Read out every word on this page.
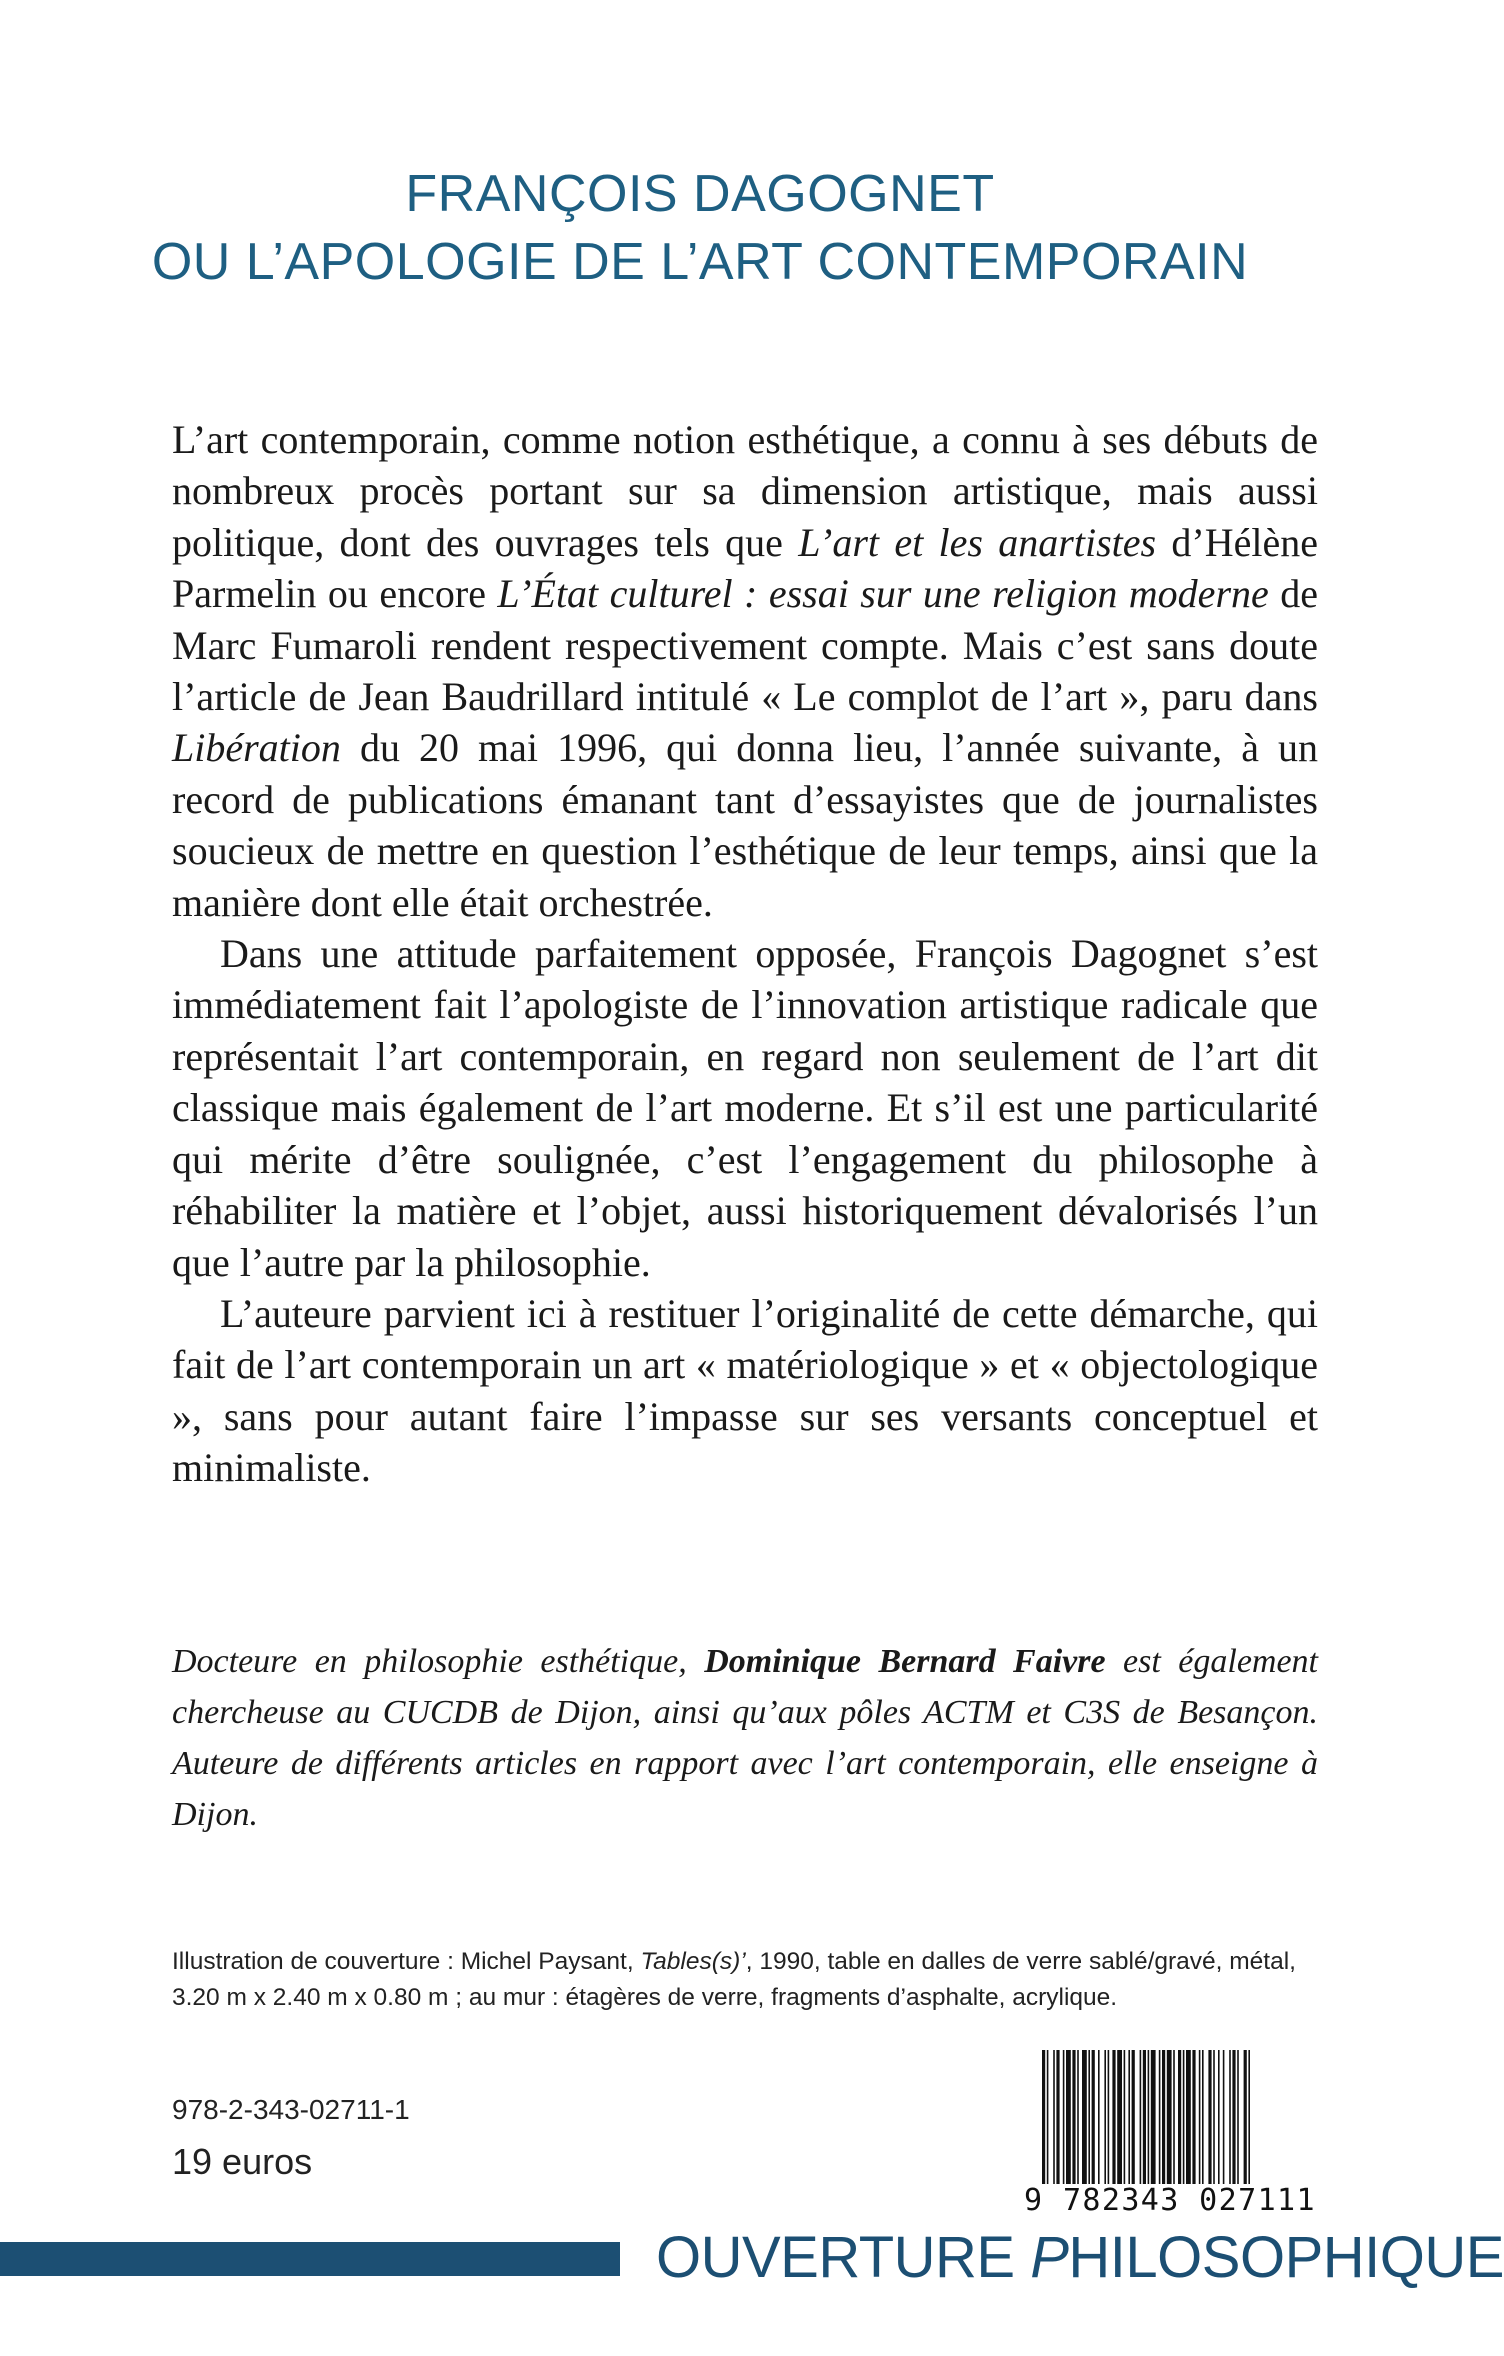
FRANÇOIS DAGOGNET
OU L’APOLOGIE DE L’ART CONTEMPORAIN

L’art contemporain, comme notion esthétique, a connu à ses débuts de nombreux procès portant sur sa dimension artistique, mais aussi politique, dont des ouvrages tels que L’art et les anartistes d’Hélène Parmelin ou encore L’État culturel : essai sur une religion moderne de Marc Fumaroli rendent respectivement compte. Mais c’est sans doute l’article de Jean Baudrillard intitulé « Le complot de l’art », paru dans Libération du 20 mai 1996, qui donna lieu, l’année suivante, à un record de publications émanant tant d’essayistes que de journalistes soucieux de mettre en question l’esthétique de leur temps, ainsi que la manière dont elle était orchestrée.

Dans une attitude parfaitement opposée, François Dagognet s’est immédiatement fait l’apologiste de l’innovation artistique radicale que représentait l’art contemporain, en regard non seulement de l’art dit classique mais également de l’art moderne. Et s’il est une particularité qui mérite d’être soulignée, c’est l’engagement du philosophe à réhabiliter la matière et l’objet, aussi historiquement dévalorisés l’un que l’autre par la philosophie.

L’auteure parvient ici à restituer l’originalité de cette démarche, qui fait de l’art contemporain un art « matériologique » et « objectologique », sans pour autant faire l’impasse sur ses versants conceptuel et minimaliste.

Docteure en philosophie esthétique, Dominique Bernard Faivre est également chercheuse au CUCDB de Dijon, ainsi qu’aux pôles ACTM et C3S de Besançon. Auteure de différents articles en rapport avec l’art contemporain, elle enseigne à Dijon.
Illustration de couverture : Michel Paysant, Tables(s)’, 1990, table en dalles de verre sablé/gravé, métal, 3.20 m x 2.40 m x 0.80 m ; au mur : étagères de verre, fragments d’asphalte, acrylique.
978-2-343-02711-1
19 euros
9 782343 027111
OUVERTURE PHILOSOPHIQUE
